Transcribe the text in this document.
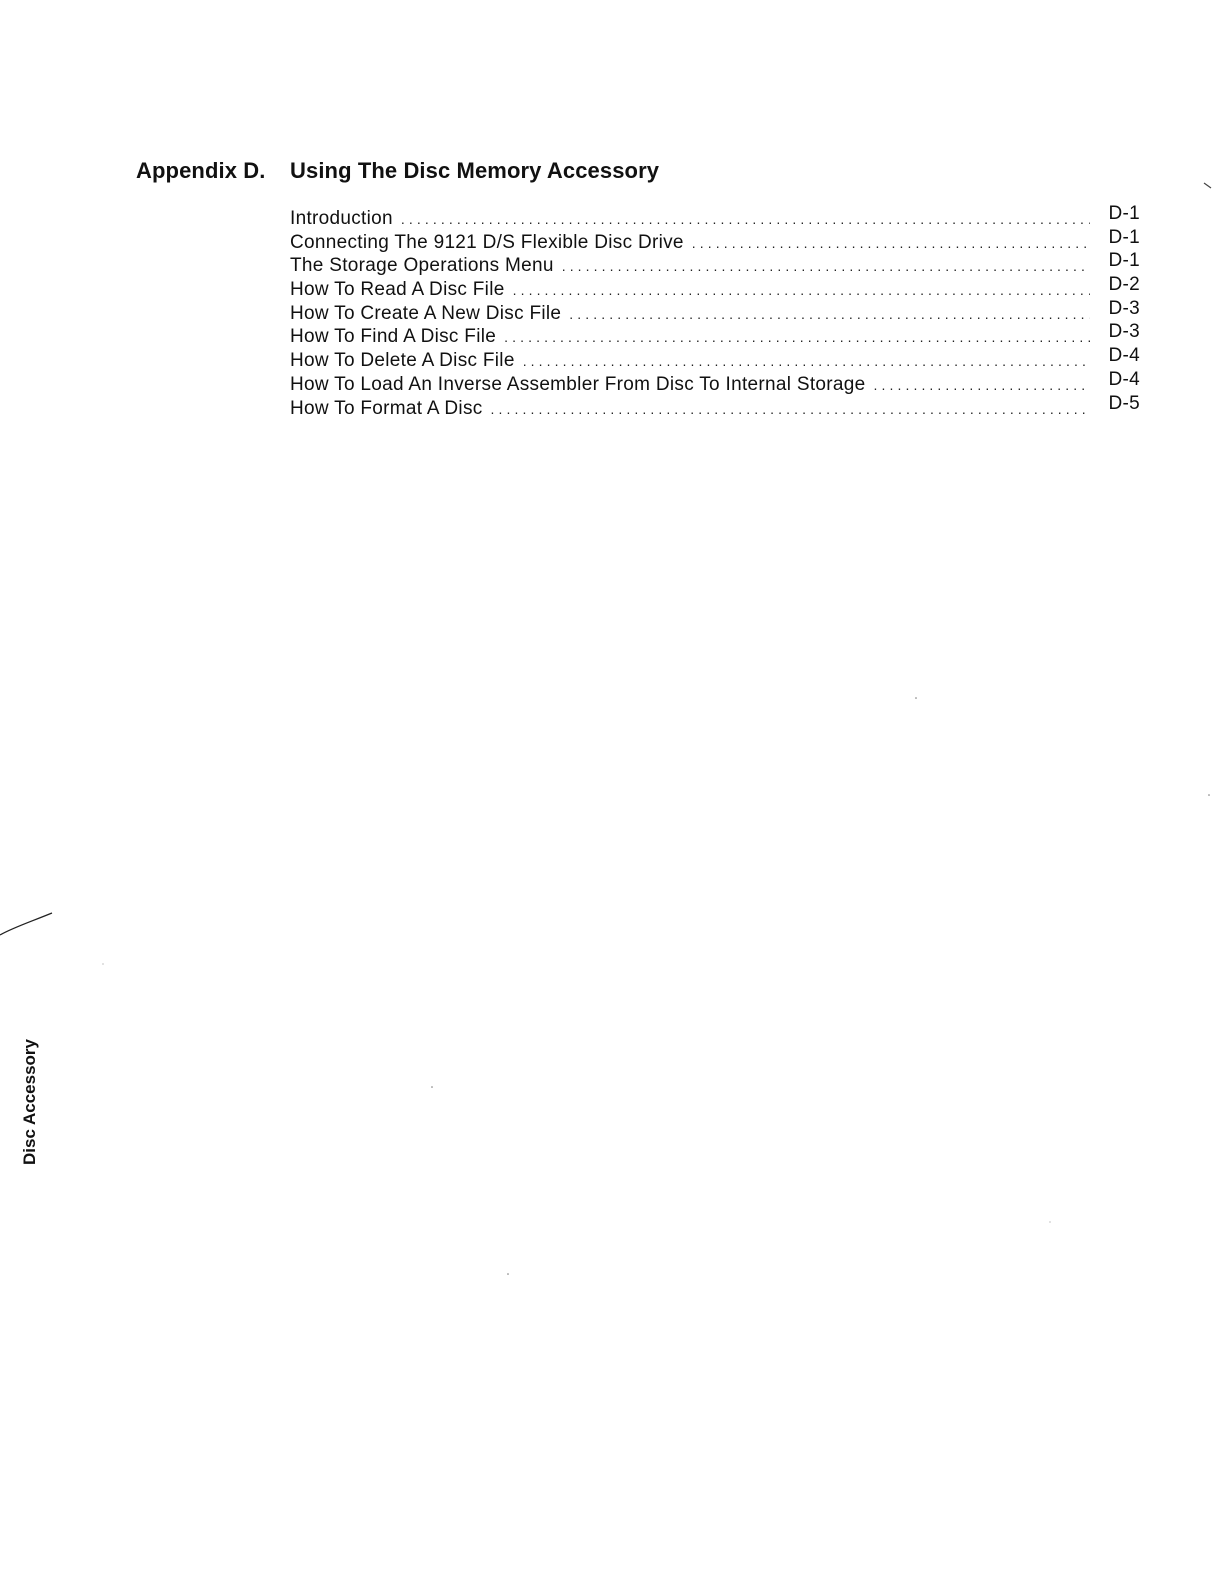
Appendix D. Using The Disc Memory Accessory
Introduction .....	D-1
Connecting The 9121 D/S Flexible Disc Drive .....	D-1
The Storage Operations Menu .....	D-1
How To Read A Disc File .....	D-2
How To Create A New Disc File .....	D-3
How To Find A Disc File .....	D-3
How To Delete A Disc File .....	D-4
How To Load An Inverse Assembler From Disc To Internal Storage .....	D-4
How To Format A Disc .....	D-5
Disc Accessory
